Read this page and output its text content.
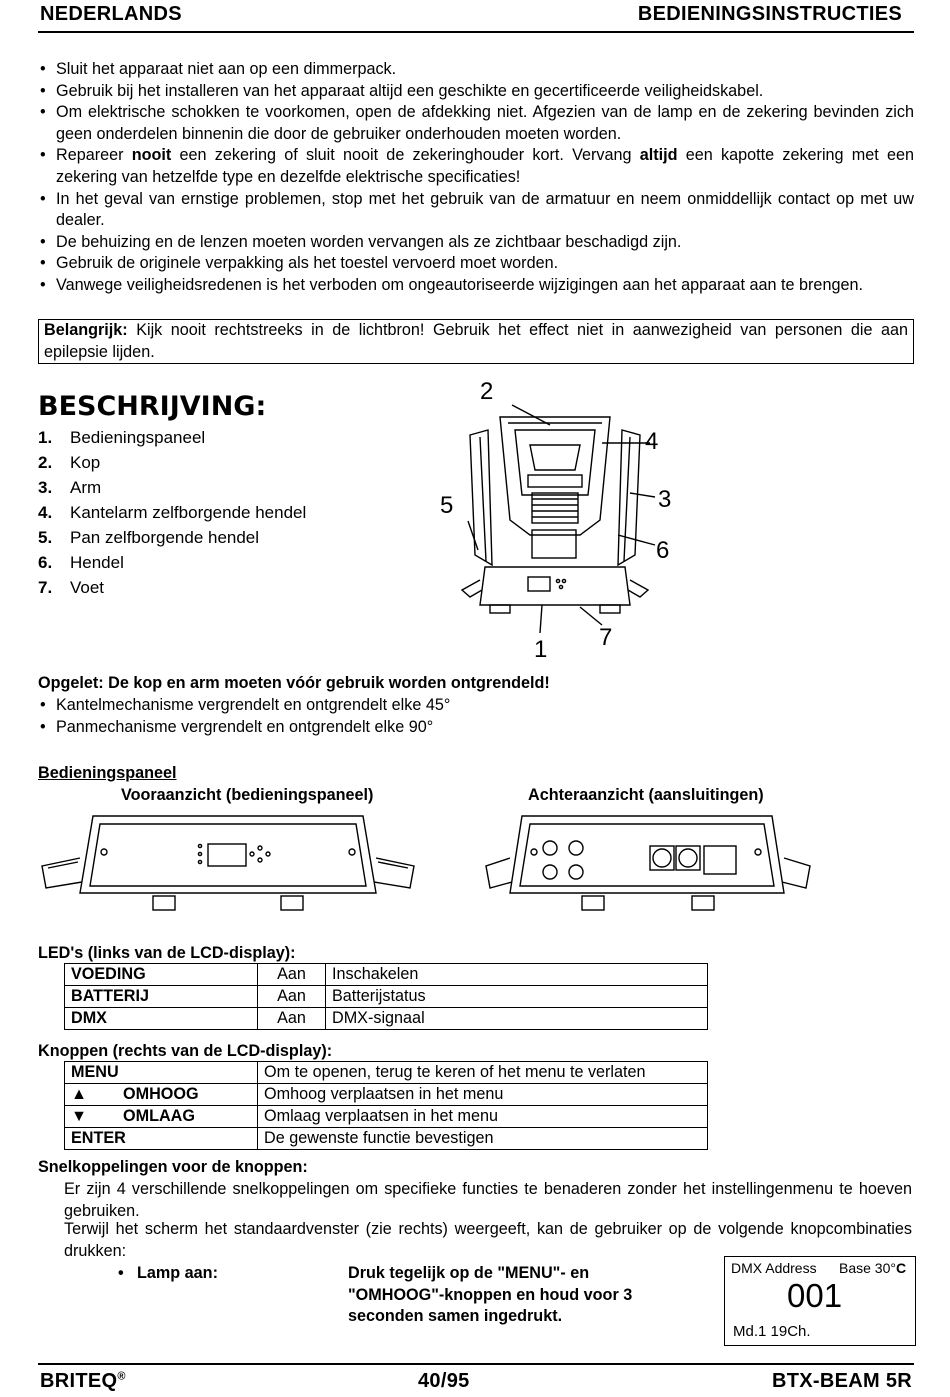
NEDERLANDS	BEDIENINGSINSTRUCTIES
• Sluit het apparaat niet aan op een dimmerpack.
• Gebruik bij het installeren van het apparaat altijd een geschikte en gecertificeerde veiligheidskabel.
• Om elektrische schokken te voorkomen, open de afdekking niet. Afgezien van de lamp en de zekering bevinden zich geen onderdelen binnenin die door de gebruiker onderhouden moeten worden.
• Repareer nooit een zekering of sluit nooit de zekeringhouder kort. Vervang altijd een kapotte zekering met een zekering van hetzelfde type en dezelfde elektrische specificaties!
• In het geval van ernstige problemen, stop met het gebruik van de armatuur en neem onmiddellijk contact op met uw dealer.
• De behuizing en de lenzen moeten worden vervangen als ze zichtbaar beschadigd zijn.
• Gebruik de originele verpakking als het toestel vervoerd moet worden.
• Vanwege veiligheidsredenen is het verboden om ongeautoriseerde wijzigingen aan het apparaat aan te brengen.
Belangrijk: Kijk nooit rechtstreeks in de lichtbron! Gebruik het effect niet in aanwezigheid van personen die aan epilepsie lijden.
BESCHRIJVING:
1. Bedieningspaneel
2. Kop
3. Arm
4. Kantelarm zelfborgende hendel
5. Pan zelfborgende hendel
6. Hendel
7. Voet
2
4
3
6
5
1 7
Opgelet: De kop en arm moeten vóór gebruik worden ontgrendeld!
• Kantelmechanisme vergrendelt en ontgrendelt elke 45°
• Panmechanisme vergrendelt en ontgrendelt elke 90°
Bedieningspaneel
Vooraanzicht (bedieningspaneel)	Achteraanzicht (aansluitingen)
LED's (links van de LCD-display):
VOEDING	Aan	Inschakelen
BATTERIJ	Aan	Batterijstatus
DMX	Aan	DMX-signaal
Knoppen (rechts van de LCD-display):
MENU	Om te openen, terug te keren of het menu te verlaten
▲ OMHOOG	Omhoog verplaatsen in het menu
▼ OMLAAG	Omlaag verplaatsen in het menu
ENTER	De gewenste functie bevestigen
Snelkoppelingen voor de knoppen:
Er zijn 4 verschillende snelkoppelingen om specifieke functies te benaderen zonder het instellingenmenu te hoeven gebruiken.
Terwijl het scherm het standaardvenster (zie rechts) weergeeft, kan de gebruiker op de volgende knopcombinaties drukken:
• Lamp aan:	Druk tegelijk op de "MENU"- en "OMHOOG"-knoppen en houd voor 3 seconden samen ingedrukt.
DMX Address Base 30°C
001
Md.1 19Ch.
BRITEQ®	40/95	BTX-BEAM 5R
